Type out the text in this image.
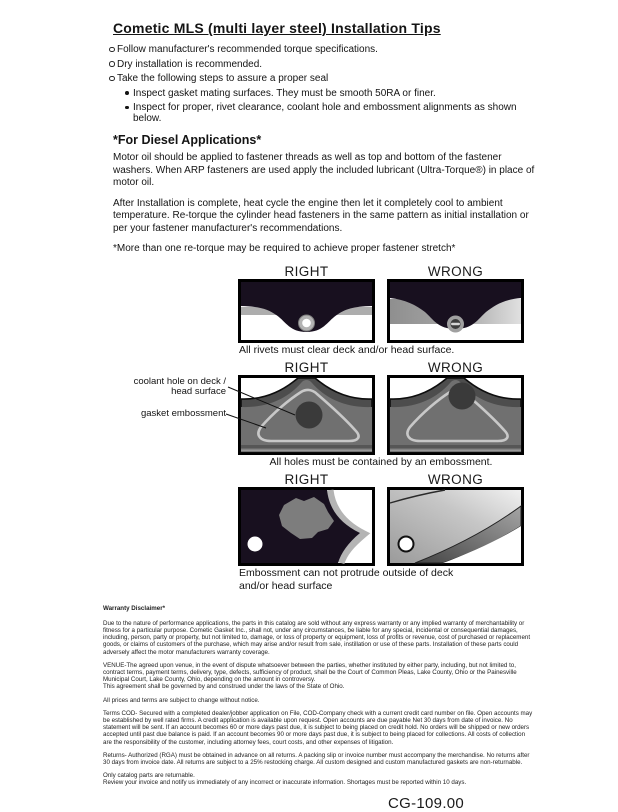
Cometic MLS (multi layer steel) Installation Tips
Follow manufacturer's recommended torque specifications.
Dry installation is recommended.
Take the following steps to assure a proper seal
Inspect gasket mating surfaces. They must be smooth 50RA or finer.
Inspect for proper, rivet clearance, coolant hole and embossment alignments as shown below.
*For Diesel Applications*

Motor oil should be applied to fastener threads as well as top and bottom of the fastener washers. When ARP fasteners are used apply the included lubricant (Ultra-Torque®) in place of motor oil.

After Installation is complete, heat cycle the engine then let it completely cool to ambient temperature. Re-torque the cylinder head fasteners in the same pattern as initial installation or per your fastener manufacturer's recommendations.

*More than one re-torque may be required to achieve proper fastener stretch*

RIGHT	WRONG
All rivets must clear deck and/or head surface.
RIGHT	WRONG
All holes must be contained by an embossment.
coolant hole on deck / head surface
gasket embossment
RIGHT	WRONG
Embossment can not protrude outside of deck
and/or head surface
Warranty Disclaimer*
Due to the nature of performance applications, the parts in this catalog are sold without any express warranty or any implied warranty of merchantability or fitness for a particular purpose. Cometic Gasket Inc., shall not, under any circumstances, be liable for any special, incidental or consequential damages, including, person, party or property, but not limited to, damage, or loss of property or equipment, loss of profits or revenue, cost of purchased or replacement goods, or claims of customers of the purchase, which may arise and/or result from sale, instillation or use of these parts. Installation of these parts could adversely affect the motor manufacturers warranty coverage.
VENUE-The agreed upon venue, in the event of dispute whatsoever between the parties, whether instituted by either party, including, but not limited to, contract terms, payment terms, delivery, type, defects, sufficiency of product, shall be the Court of Common Pleas, Lake County, Ohio or the Painesville Municipal Court, Lake County, Ohio, depending on the amount in controversy.
This agreement shall be governed by and construed under the laws of the State of Ohio.
All prices and terms are subject to change without notice.
Terms COD- Secured with a completed dealer/jobber application on File, COD-Company check with a current credit card number on file. Open accounts may be established by well rated firms. A credit application is available upon request. Open accounts are due payable Net 30 days from date of invoice. No statement will be sent. If an account becomes 60 or more days past due, it is subject to being placed on credit hold. No orders will be shipped or new orders accepted until past due balance is paid. If an account becomes 90 or more days past due, it is subject to being placed for collections. All costs of collection are the responsibility of the customer, including attorney fees, court costs, and other expenses of litigation.
Returns- Authorized (RGA) must be obtained in advance on all returns. A packing slip or invoice number must accompany the merchandise. No returns after 30 days from invoice date. All returns are subject to a 25% restocking charge. All custom designed and custom manufactured gaskets are non-returnable.
Only catalog parts are returnable.
Review your invoice and notify us immediately of any incorrect or inaccurate information. Shortages must be reported within 10 days.
CG-109.00
